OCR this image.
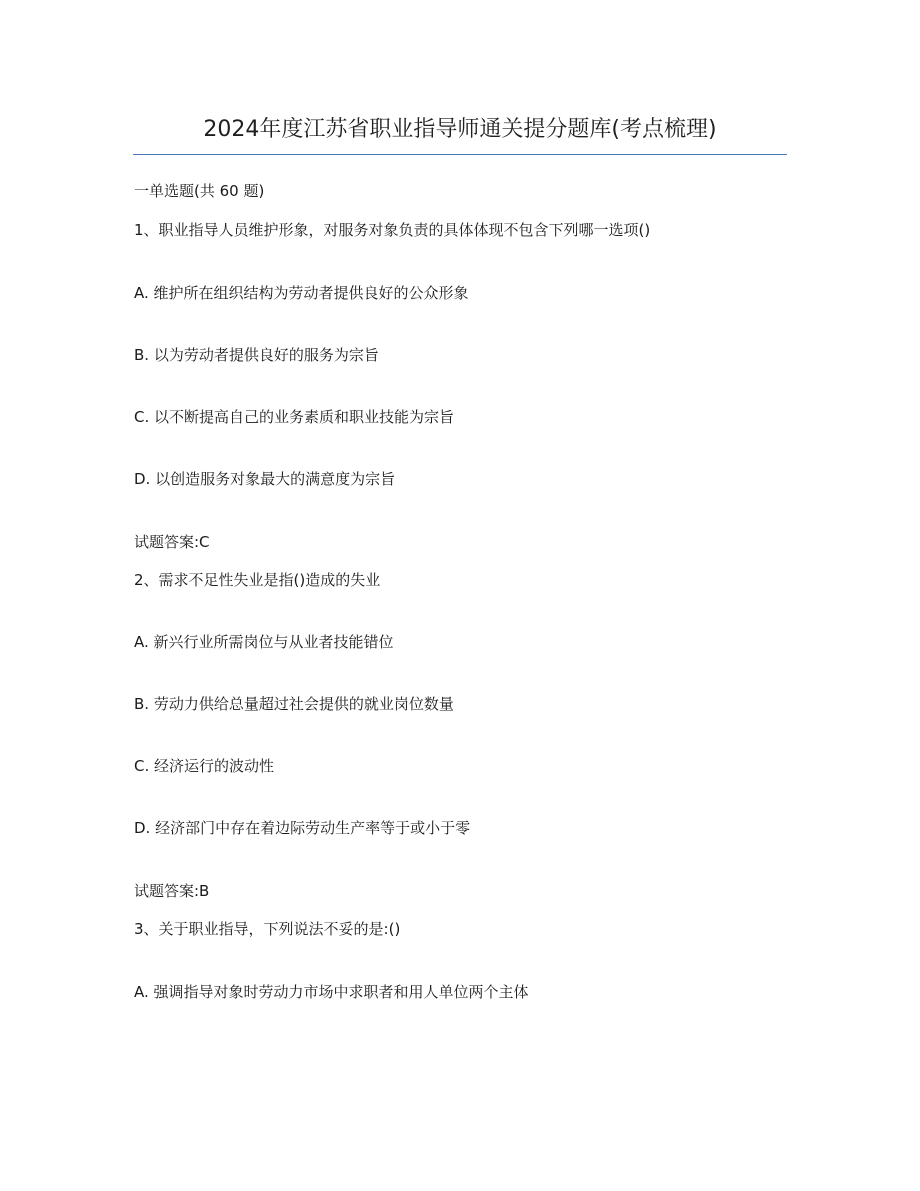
2024年度江苏省职业指导师通关提分题库(考点梳理)
一单选题(共 60 题)
1、职业指导人员维护形象，对服务对象负责的具体体现不包含下列哪一选项()
A. 维护所在组织结构为劳动者提供良好的公众形象
B. 以为劳动者提供良好的服务为宗旨
C. 以不断提高自己的业务素质和职业技能为宗旨
D. 以创造服务对象最大的满意度为宗旨
试题答案:C
2、需求不足性失业是指()造成的失业
A. 新兴行业所需岗位与从业者技能错位
B. 劳动力供给总量超过社会提供的就业岗位数量
C. 经济运行的波动性
D. 经济部门中存在着边际劳动生产率等于或小于零
试题答案:B
3、关于职业指导，下列说法不妥的是:()
A. 强调指导对象时劳动力市场中求职者和用人单位两个主体
